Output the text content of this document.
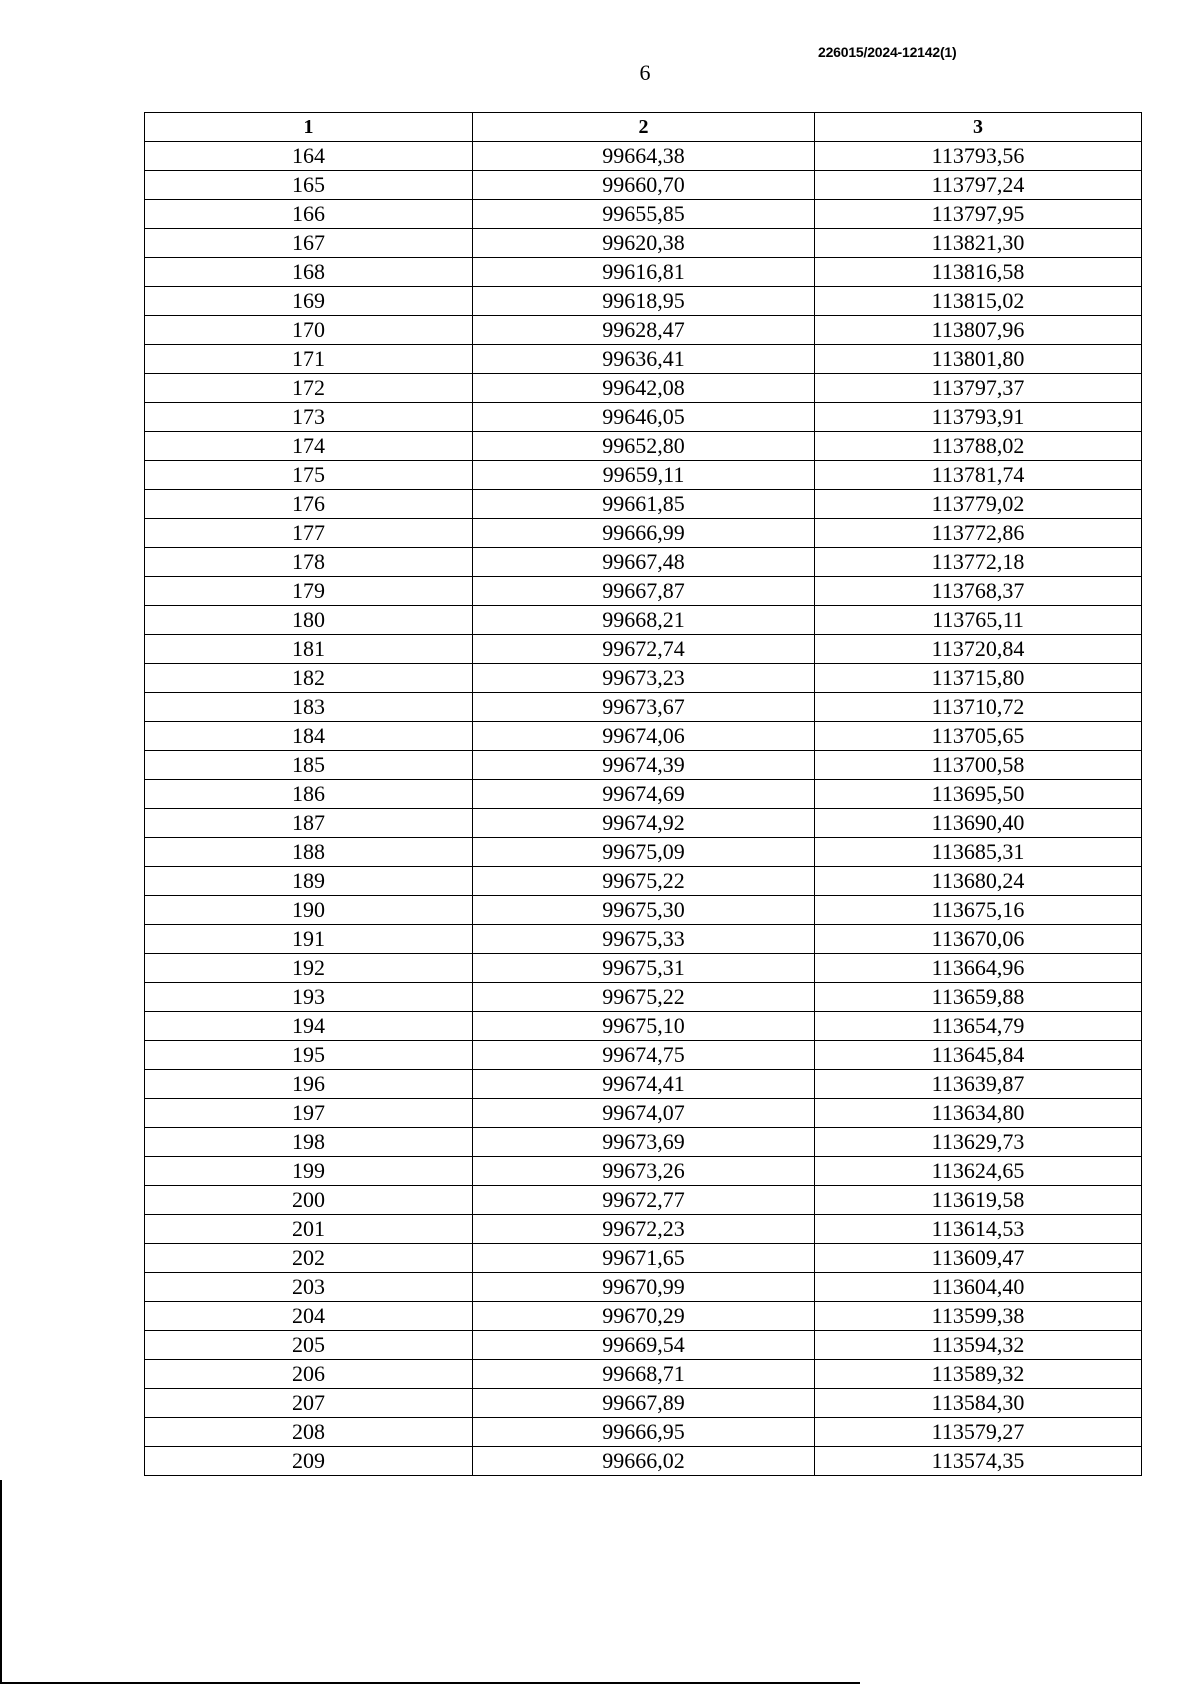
226015/2024-12142(1)
6
1	2	3
164	99664,38	113793,56
165	99660,70	113797,24
166	99655,85	113797,95
167	99620,38	113821,30
168	99616,81	113816,58
169	99618,95	113815,02
170	99628,47	113807,96
171	99636,41	113801,80
172	99642,08	113797,37
173	99646,05	113793,91
174	99652,80	113788,02
175	99659,11	113781,74
176	99661,85	113779,02
177	99666,99	113772,86
178	99667,48	113772,18
179	99667,87	113768,37
180	99668,21	113765,11
181	99672,74	113720,84
182	99673,23	113715,80
183	99673,67	113710,72
184	99674,06	113705,65
185	99674,39	113700,58
186	99674,69	113695,50
187	99674,92	113690,40
188	99675,09	113685,31
189	99675,22	113680,24
190	99675,30	113675,16
191	99675,33	113670,06
192	99675,31	113664,96
193	99675,22	113659,88
194	99675,10	113654,79
195	99674,75	113645,84
196	99674,41	113639,87
197	99674,07	113634,80
198	99673,69	113629,73
199	99673,26	113624,65
200	99672,77	113619,58
201	99672,23	113614,53
202	99671,65	113609,47
203	99670,99	113604,40
204	99670,29	113599,38
205	99669,54	113594,32
206	99668,71	113589,32
207	99667,89	113584,30
208	99666,95	113579,27
209	99666,02	113574,35
